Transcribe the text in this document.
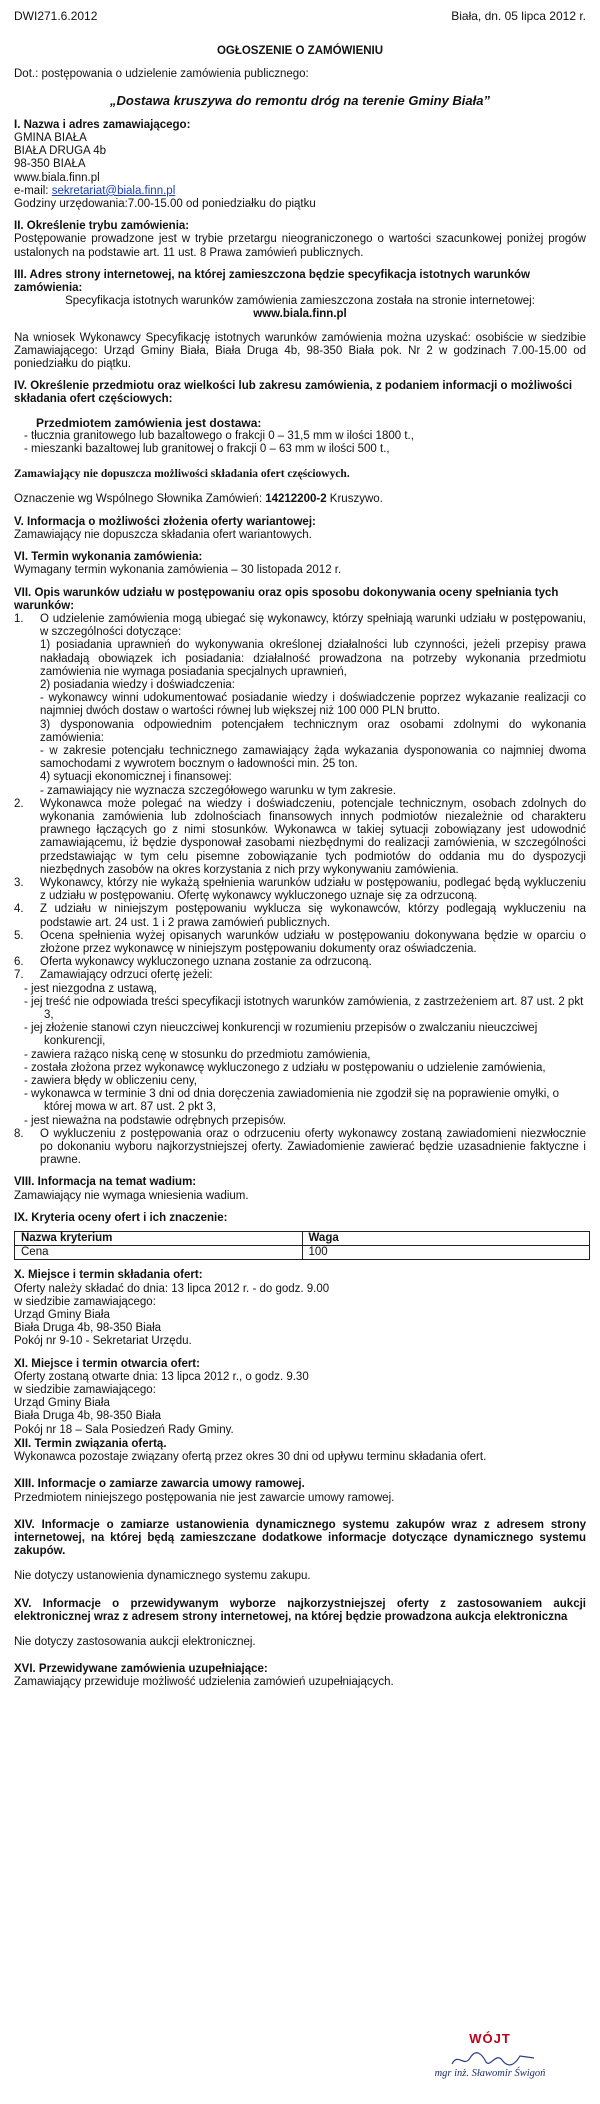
DWI271.6.2012	Biała, dn. 05 lipca 2012 r.
OGŁOSZENIE O ZAMÓWIENIU
Dot.: postępowania o udzielenie zamówienia publicznego:
„Dostawa kruszywa do remontu dróg na terenie Gminy Biała”
I. Nazwa i adres zamawiającego:
GMINA BIAŁA
BIAŁA DRUGA 4b
98-350 BIAŁA
www.biala.finn.pl
e-mail: sekretariat@biala.finn.pl
Godziny urzędowania:7.00-15.00 od poniedziałku do piątku
II. Określenie trybu zamówienia:
Postępowanie prowadzone jest w trybie przetargu nieograniczonego o wartości szacunkowej poniżej progów ustalonych na podstawie art. 11 ust. 8 Prawa zamówień publicznych.
III. Adres strony internetowej, na której zamieszczona będzie specyfikacja istotnych warunków zamówienia:
Specyfikacja istotnych warunków zamówienia zamieszczona została na stronie internetowej:
www.biala.finn.pl
Na wniosek Wykonawcy Specyfikację istotnych warunków zamówienia można uzyskać: osobiście w siedzibie Zamawiającego: Urząd Gminy Biała, Biała Druga 4b, 98-350 Biała pok. Nr 2 w godzinach 7.00-15.00 od poniedziałku do piątku.
IV. Określenie przedmiotu oraz wielkości lub zakresu zamówienia, z podaniem informacji o możliwości składania ofert częściowych:
Przedmiotem zamówienia jest dostawa:
- tłucznia granitowego lub bazaltowego o frakcji 0 – 31,5 mm w ilości 1800 t.,
- mieszanki bazaltowej lub granitowej o frakcji 0 – 63 mm w ilości 500 t.,
Zamawiający nie dopuszcza możliwości składania ofert częściowych.
Oznaczenie wg Wspólnego Słownika Zamówień: 14212200-2 Kruszywo.
V. Informacja o możliwości złożenia oferty wariantowej:
Zamawiający nie dopuszcza składania ofert wariantowych.
VI. Termin wykonania zamówienia:
Wymagany termin wykonania zamówienia – 30 listopada 2012 r.
VII. Opis warunków udziału w postępowaniu oraz opis sposobu dokonywania oceny spełniania tych warunków:
1.	O udzielenie zamówienia mogą ubiegać się wykonawcy, którzy spełniają warunki udziału w postępowaniu, w szczególności dotyczące:
1) posiadania uprawnień do wykonywania określonej działalności lub czynności, jeżeli przepisy prawa nakładają obowiązek ich posiadania: działalność prowadzona na potrzeby wykonania przedmiotu zamówienia nie wymaga posiadania specjalnych uprawnień,
2) posiadania wiedzy i doświadczenia:
- wykonawcy winni udokumentować posiadanie wiedzy i doświadczenie poprzez wykazanie realizacji co najmniej dwóch dostaw o wartości równej lub większej niż 100 000 PLN brutto.
3) dysponowania odpowiednim potencjałem technicznym oraz osobami zdolnymi do wykonania zamówienia:
- w zakresie potencjału technicznego zamawiający żąda wykazania dysponowania co najmniej dwoma samochodami z wywrotem bocznym o ładowności min. 25 ton.
4) sytuacji ekonomicznej i finansowej:
- zamawiający nie wyznacza szczegółowego warunku w tym zakresie.
2.	Wykonawca może polegać na wiedzy i doświadczeniu, potencjale technicznym, osobach zdolnych do wykonania zamówienia lub zdolnościach finansowych innych podmiotów niezależnie od charakteru prawnego łączących go z nimi stosunków. Wykonawca w takiej sytuacji zobowiązany jest udowodnić zamawiającemu, iż będzie dysponował zasobami niezbędnymi do realizacji zamówienia, w szczególności przedstawiając w tym celu pisemne zobowiązanie tych podmiotów do oddania mu do dyspozycji niezbędnych zasobów na okres korzystania z nich przy wykonywaniu zamówienia.
3.	Wykonawcy, którzy nie wykażą spełnienia warunków udziału w postępowaniu, podlegać będą wykluczeniu z udziału w postępowaniu. Ofertę wykonawcy wykluczonego uznaje się za odrzuconą.
4.	Z udziału w niniejszym postępowaniu wyklucza się wykonawców, którzy podlegają wykluczeniu na podstawie art. 24 ust. 1 i 2 prawa zamówień publicznych.
5.	Ocena spełnienia wyżej opisanych warunków udziału w postępowaniu dokonywana będzie w oparciu o złożone przez wykonawcę w niniejszym postępowaniu dokumenty oraz oświadczenia.
6.	Oferta wykonawcy wykluczonego uznana zostanie za odrzuconą.
7.	Zamawiający odrzuci ofertę jeżeli:
- jest niezgodna z ustawą,
- jej treść nie odpowiada treści specyfikacji istotnych warunków zamówienia, z zastrzeżeniem art. 87 ust. 2 pkt 3,
- jej złożenie stanowi czyn nieuczciwej konkurencji w rozumieniu przepisów o zwalczaniu nieuczciwej konkurencji,
- zawiera rażąco niską cenę w stosunku do przedmiotu zamówienia,
- została złożona przez wykonawcę wykluczonego z udziału w postępowaniu o udzielenie zamówienia,
- zawiera błędy w obliczeniu ceny,
- wykonawca w terminie 3 dni od dnia doręczenia zawiadomienia nie zgodził się na poprawienie omyłki, o której mowa w art. 87 ust. 2 pkt 3,
- jest nieważna na podstawie odrębnych przepisów.
8.	O wykluczeniu z postępowania oraz o odrzuceniu oferty wykonawcy zostaną zawiadomieni niezwłocznie po dokonaniu wyboru najkorzystniejszej oferty. Zawiadomienie zawierać będzie uzasadnienie faktyczne i prawne.
VIII. Informacja na temat wadium:
Zamawiający nie wymaga wniesienia wadium.
IX. Kryteria oceny ofert i ich znaczenie:
Nazwa kryterium	Waga
Cena	100
X. Miejsce i termin składania ofert:
Oferty należy składać do dnia: 13 lipca 2012 r. - do godz. 9.00
w siedzibie zamawiającego:
Urząd Gminy Biała
Biała Druga 4b, 98-350 Biała
Pokój nr 9-10 - Sekretariat Urzędu.
XI. Miejsce i termin otwarcia ofert:
Oferty zostaną otwarte dnia: 13 lipca 2012 r., o godz. 9.30
w siedzibie zamawiającego:
Urząd Gminy Biała
Biała Druga 4b, 98-350 Biała
Pokój nr 18 – Sala Posiedzeń Rady Gminy.
XII. Termin związania ofertą.
Wykonawca pozostaje związany ofertą przez okres 30 dni od upływu terminu składania ofert.
XIII. Informacje o zamiarze zawarcia umowy ramowej.
Przedmiotem niniejszego postępowania nie jest zawarcie umowy ramowej.
XIV. Informacje o zamiarze ustanowienia dynamicznego systemu zakupów wraz z adresem strony internetowej, na której będą zamieszczane dodatkowe informacje dotyczące dynamicznego systemu zakupów.
Nie dotyczy ustanowienia dynamicznego systemu zakupu.
XV. Informacje o przewidywanym wyborze najkorzystniejszej oferty z zastosowaniem aukcji elektronicznej wraz z adresem strony internetowej, na której będzie prowadzona aukcja elektroniczna
Nie dotyczy zastosowania aukcji elektronicznej.
XVI. Przewidywane zamówienia uzupełniające:
Zamawiający przewiduje możliwość udzielenia zamówień uzupełniających.
WÓJT
mgr inż. Sławomir Świgoń
